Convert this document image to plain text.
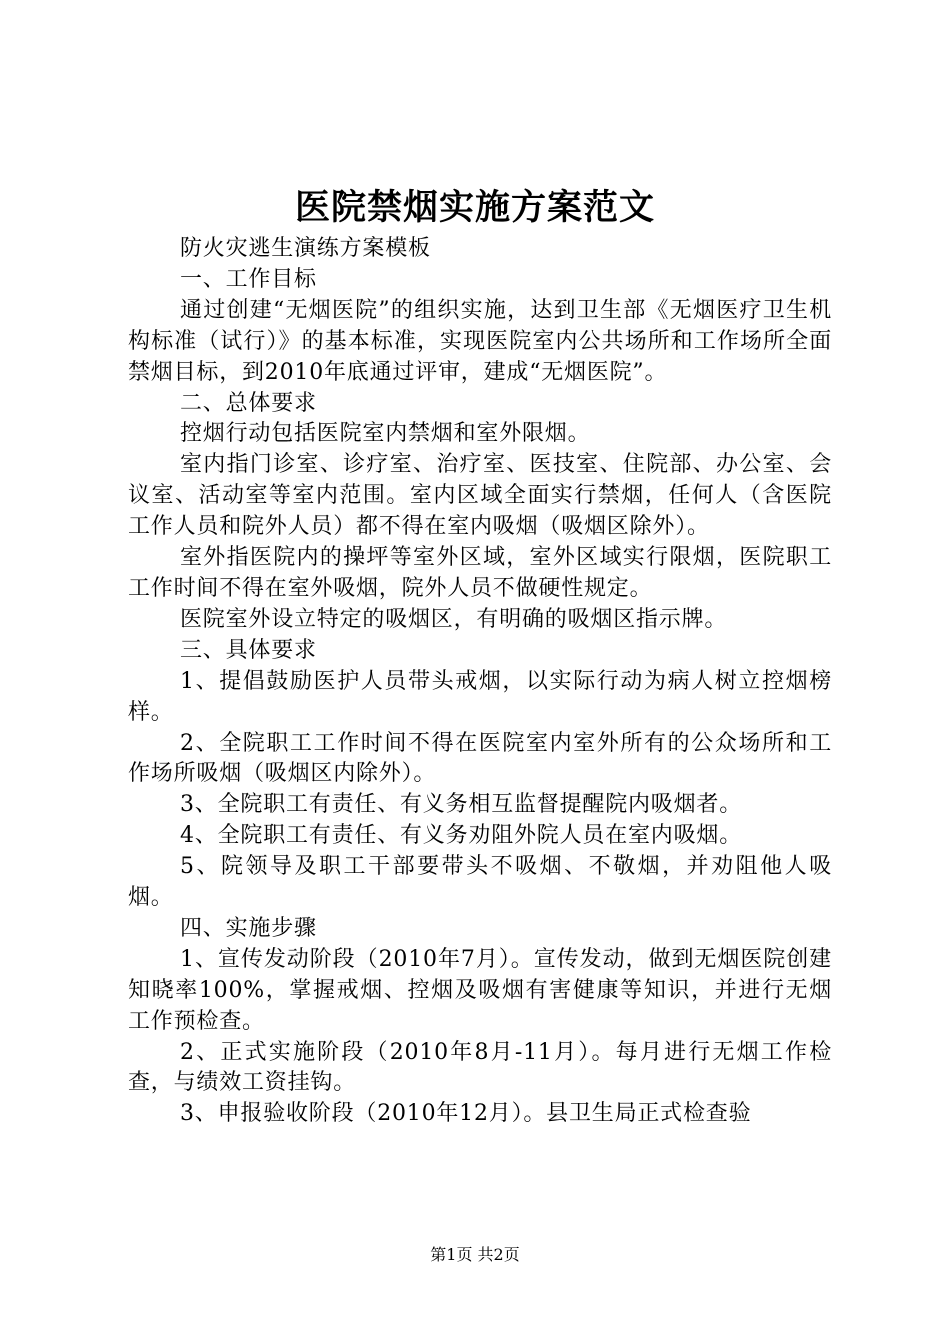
医院禁烟实施方案范文

防火灾逃生演练方案模板

一、工作目标

通过创建“无烟医院”的组织实施，达到卫生部《无烟医疗卫生机构标准（试行）》的基本标准，实现医院室内公共场所和工作场所全面禁烟目标，到2010年底通过评审，建成“无烟医院”。

二、总体要求

控烟行动包括医院室内禁烟和室外限烟。

室内指门诊室、诊疗室、治疗室、医技室、住院部、办公室、会议室、活动室等室内范围。室内区域全面实行禁烟，任何人（含医院工作人员和院外人员）都不得在室内吸烟（吸烟区除外）。

室外指医院内的操坪等室外区域，室外区域实行限烟，医院职工工作时间不得在室外吸烟，院外人员不做硬性规定。

医院室外设立特定的吸烟区，有明确的吸烟区指示牌。

三、具体要求

1、提倡鼓励医护人员带头戒烟，以实际行动为病人树立控烟榜样。

2、全院职工工作时间不得在医院室内室外所有的公众场所和工作场所吸烟（吸烟区内除外）。

3、全院职工有责任、有义务相互监督提醒院内吸烟者。

4、全院职工有责任、有义务劝阻外院人员在室内吸烟。

5、院领导及职工干部要带头不吸烟、不敬烟，并劝阻他人吸烟。

四、实施步骤

1、宣传发动阶段（2010年7月）。宣传发动，做到无烟医院创建知晓率100%，掌握戒烟、控烟及吸烟有害健康等知识，并进行无烟工作预检查。

2、正式实施阶段（2010年8月-11月）。每月进行无烟工作检查，与绩效工资挂钩。

3、申报验收阶段（2010年12月）。县卫生局正式检查验

第1页 共2页
